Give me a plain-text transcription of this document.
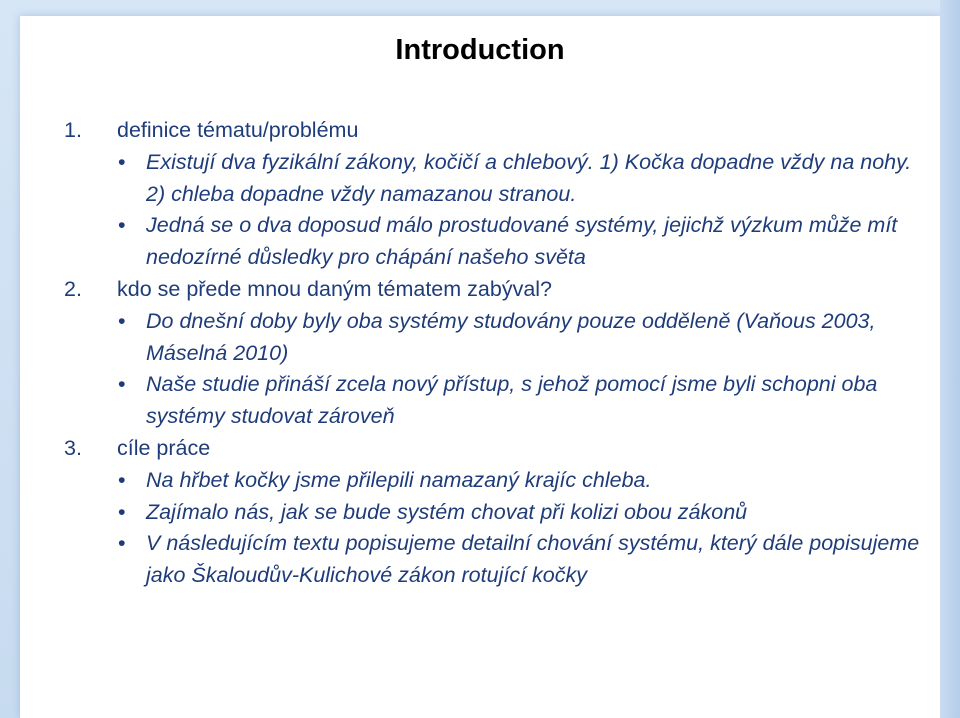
Introduction
1. definice tématu/problému
• Existují dva fyzikální zákony, kočičí a chlebový. 1) Kočka dopadne vždy na nohy. 2) chleba dopadne vždy namazanou stranou.
• Jedná se o dva doposud málo prostudované systémy, jejichž výzkum může mít nedozírné důsledky pro chápání našeho světa
2. kdo se přede mnou daným tématem zabýval?
• Do dnešní doby byly oba systémy studovány pouze odděleně (Vaňous 2003, Máselná 2010)
• Naše studie přináší zcela nový přístup, s jehož pomocí jsme byli schopni oba systémy studovat zároveň
3. cíle práce
• Na hřbet kočky jsme přilepili namazaný krajíc chleba.
• Zajímalo nás, jak se bude systém chovat při kolizi obou zákonů
• V následujícím textu popisujeme detailní chování systému, který dále popisujeme jako Škaloudův-Kulichové zákon rotující kočky
